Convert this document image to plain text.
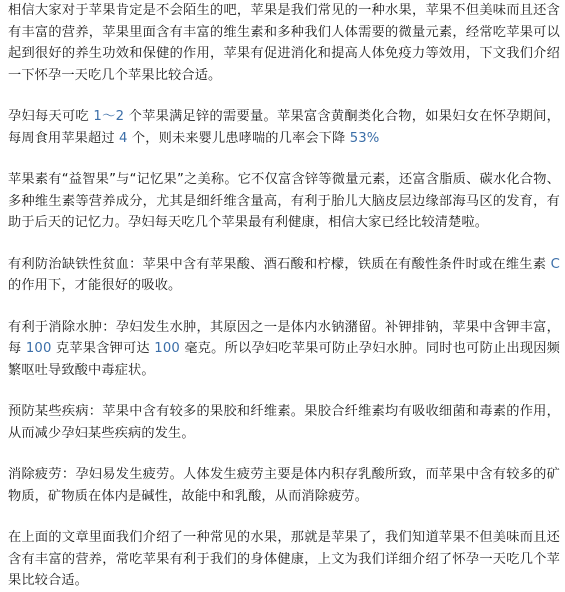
相信大家对于苹果肯定是不会陌生的吧，苹果是我们常见的一种水果，苹果不但美味而且还含有丰富的营养，苹果里面含有丰富的维生素和多种我们人体需要的微量元素，经常吃苹果可以起到很好的养生功效和保健的作用，苹果有促进消化和提高人体免疫力等效用，下文我们介绍一下怀孕一天吃几个苹果比较合适。

孕妇每天可吃 1～2 个苹果满足锌的需要量。苹果富含黄酮类化合物，如果妇女在怀孕期间，每周食用苹果超过 4 个，则未来婴儿患哮喘的几率会下降 53%

苹果素有“益智果”与“记忆果”之美称。它不仅富含锌等微量元素，还富含脂质、碳水化合物、多种维生素等营养成分，尤其是细纤维含量高，有利于胎儿大脑皮层边缘部海马区的发育，有助于后天的记忆力。孕妇每天吃几个苹果最有利健康，相信大家已经比较清楚啦。

有利防治缺铁性贫血：苹果中含有苹果酸、酒石酸和柠檬，铁质在有酸性条件时或在维生素 C 的作用下，才能很好的吸收。

有利于消除水肿：孕妇发生水肿，其原因之一是体内水钠潴留。补钾排钠，苹果中含钾丰富，每 100 克苹果含钾可达 100 毫克。所以孕妇吃苹果可防止孕妇水肿。同时也可防止出现因频繁呕吐导致酸中毒症状。

预防某些疾病：苹果中含有较多的果胶和纤维素。果胶合纤维素均有吸收细菌和毒素的作用，从而减少孕妇某些疾病的发生。

消除疲劳：孕妇易发生疲劳。人体发生疲劳主要是体内积存乳酸所致，而苹果中含有较多的矿物质，矿物质在体内是碱性，故能中和乳酸，从而消除疲劳。

在上面的文章里面我们介绍了一种常见的水果，那就是苹果了，我们知道苹果不但美味而且还含有丰富的营养，常吃苹果有利于我们的身体健康，上文为我们详细介绍了怀孕一天吃几个苹果比较合适。
